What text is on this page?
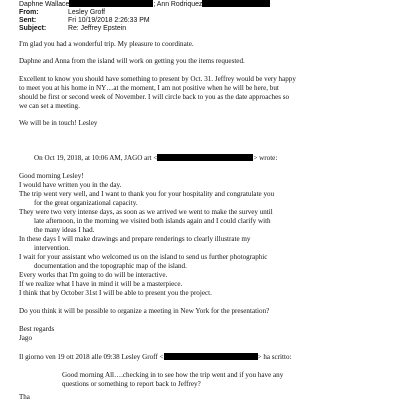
Daphne Wallace	; Ann Rodriquez
From:	Lesley Groff
Sent:	Fri 10/19/2018 2:26:33 PM
Subject:	Re: Jeffrey Epstein
I'm glad you had a wonderful trip. My pleasure to coordinate.
Daphne and Anna from the island will work on getting you the items requested.
Excellent to know you should have something to present by Oct. 31. Jeffrey would be very happy
to meet you at his home in NY…at the moment, I am not positive when he will be here, but
should be first or second week of November. I will circle back to you as the date approaches so
we can set a meeting.
We will be in touch! Lesley
On Oct 19, 2018, at 10:06 AM, JAGO art <	> wrote:
Good morning Lesley!
I would have written you in the day.
The trip went very well, and I want to thank you for your hospitality and congratulate you
for the great organizational capacity.
They were two very intense days, as soon as we arrived we went to make the survey until
late afternoon, in the morning we visited both islands again and I could clarify with
the many ideas I had.
In these days I will make drawings and prepare renderings to clearly illustrate my
intervention.
I wait for your assistant who welcomed us on the island to send us further photographic
documentation and the topographic map of the island.
Every works that I'm going to do will be interactive.
If we realize what I have in mind it will be a masterpiece.
I think that by October 31st I will be able to present you the project.
Do you think it will be possible to organize a meeting in New York for the presentation?
Best regards
Jago
Il giorno ven 19 ott 2018 alle 09:38 Lesley Groff <	> ha scritto:
Good morning All….checking in to see how the trip went and if you have any
questions or something to report back to Jeffrey?
Tha
